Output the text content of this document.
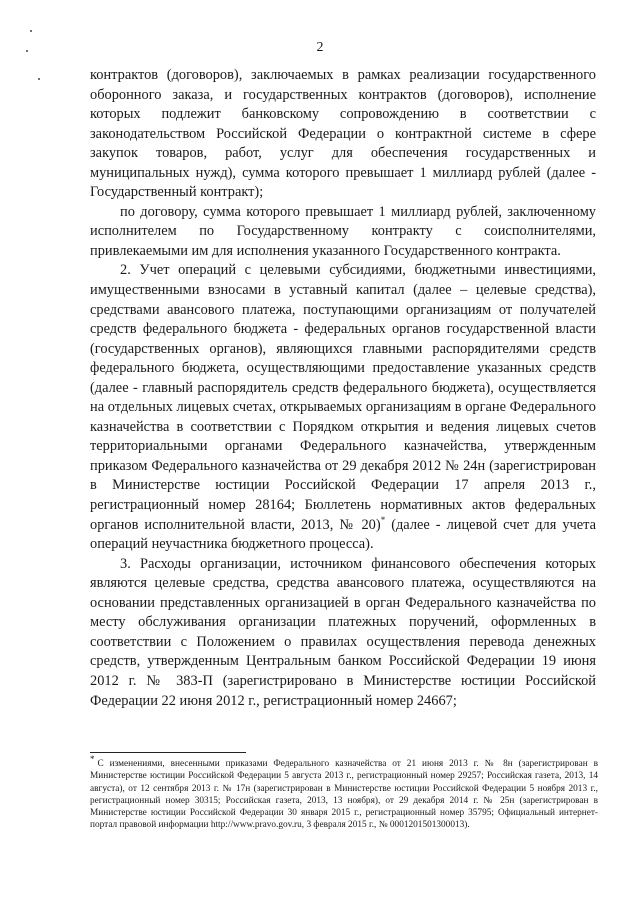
2

контрактов (договоров), заключаемых в рамках реализации государственного оборонного заказа, и государственных контрактов (договоров), исполнение которых подлежит банковскому сопровождению в соответствии с законодательством Российской Федерации о контрактной системе в сфере закупок товаров, работ, услуг для обеспечения государственных и муниципальных нужд), сумма которого превышает 1 миллиард рублей (далее - Государственный контракт);

по договору, сумма которого превышает 1 миллиард рублей, заключенному исполнителем по Государственному контракту с соисполнителями, привлекаемыми им для исполнения указанного Государственного контракта.

2. Учет операций с целевыми субсидиями, бюджетными инвестициями, имущественными взносами в уставный капитал (далее – целевые средства), средствами авансового платежа, поступающими организациям от получателей средств федерального бюджета - федеральных органов государственной власти (государственных органов), являющихся главными распорядителями средств федерального бюджета, осуществляющими предоставление указанных средств (далее - главный распорядитель средств федерального бюджета), осуществляется на отдельных лицевых счетах, открываемых организациям в органе Федерального казначейства в соответствии с Порядком открытия и ведения лицевых счетов территориальными органами Федерального казначейства, утвержденным приказом Федерального казначейства от 29 декабря 2012 № 24н (зарегистрирован в Министерстве юстиции Российской Федерации 17 апреля 2013 г., регистрационный номер 28164; Бюллетень нормативных актов федеральных органов исполнительной власти, 2013, № 20)* (далее - лицевой счет для учета операций неучастника бюджетного процесса).

3. Расходы организации, источником финансового обеспечения которых являются целевые средства, средства авансового платежа, осуществляются на основании представленных организацией в орган Федерального казначейства по месту обслуживания организации платежных поручений, оформленных в соответствии с Положением о правилах осуществления перевода денежных средств, утвержденным Центральным банком Российской Федерации 19 июня 2012 г. № 383-П (зарегистрировано в Министерстве юстиции Российской Федерации 22 июня 2012 г., регистрационный номер 24667;

*С изменениями, внесенными приказами Федерального казначейства от 21 июня 2013 г. № 8н (зарегистрирован в Министерстве юстиции Российской Федерации 5 августа 2013 г., регистрационный номер 29257; Российская газета, 2013, 14 августа), от 12 сентября 2013 г. № 17н (зарегистрирован в Министерстве юстиции Российской Федерации 5 ноября 2013 г., регистрационный номер 30315; Российская газета, 2013, 13 ноября), от 29 декабря 2014 г. № 25н (зарегистрирован в Министерстве юстиции Российской Федерации 30 января 2015 г., регистрационный номер 35795; Официальный интернет-портал правовой информации http://www.pravo.gov.ru, 3 февраля 2015 г., № 0001201501300013).
